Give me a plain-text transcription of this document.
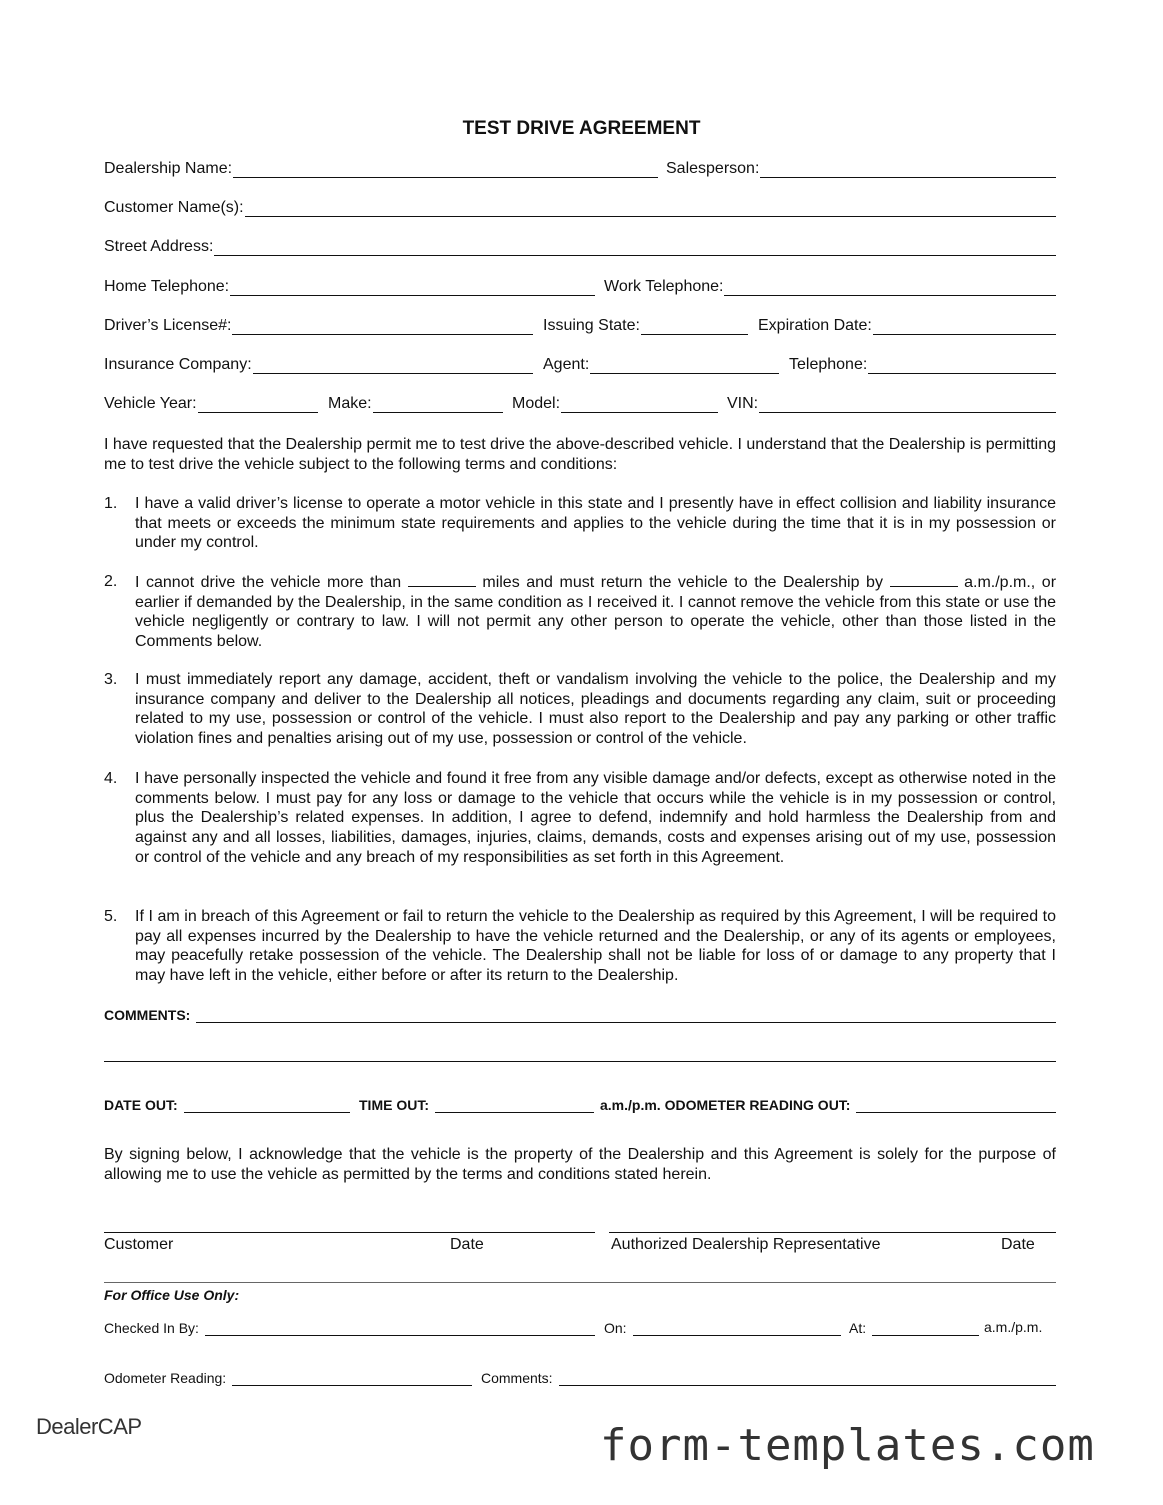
TEST DRIVE AGREEMENT
Dealership Name:	Salesperson:
Customer Name(s):
Street Address:
Home Telephone:	Work Telephone:
Driver’s License#:	Issuing State:	Expiration Date:
Insurance Company:	Agent:	Telephone:
Vehicle Year:	Make:	Model:	VIN:
I have requested that the Dealership permit me to test drive the above-described vehicle. I understand that the Dealership is permitting me to test drive the vehicle subject to the following terms and conditions:
1. I have a valid driver’s license to operate a motor vehicle in this state and I presently have in effect collision and liability insurance that meets or exceeds the minimum state requirements and applies to the vehicle during the time that it is in my possession or under my control.
2. I cannot drive the vehicle more than	miles and must return the vehicle to the Dealership by	a.m./p.m., or earlier if demanded by the Dealership, in the same condition as I received it. I cannot remove the vehicle from this state or use the vehicle negligently or contrary to law. I will not permit any other person to operate the vehicle, other than those listed in the Comments below.
3. I must immediately report any damage, accident, theft or vandalism involving the vehicle to the police, the Dealership and my insurance company and deliver to the Dealership all notices, pleadings and documents regarding any claim, suit or proceeding related to my use, possession or control of the vehicle. I must also report to the Dealership and pay any parking or other traffic violation fines and penalties arising out of my use, possession or control of the vehicle.
4. I have personally inspected the vehicle and found it free from any visible damage and/or defects, except as otherwise noted in the comments below. I must pay for any loss or damage to the vehicle that occurs while the vehicle is in my possession or control, plus the Dealership’s related expenses. In addition, I agree to defend, indemnify and hold harmless the Dealership from and against any and all losses, liabilities, damages, injuries, claims, demands, costs and expenses arising out of my use, possession or control of the vehicle and any breach of my responsibilities as set forth in this Agreement.
5. If I am in breach of this Agreement or fail to return the vehicle to the Dealership as required by this Agreement, I will be required to pay all expenses incurred by the Dealership to have the vehicle returned and the Dealership, or any of its agents or employees, may peacefully retake possession of the vehicle. The Dealership shall not be liable for loss of or damage to any property that I may have left in the vehicle, either before or after its return to the Dealership.
COMMENTS:
DATE OUT:	TIME OUT:	a.m./p.m. ODOMETER READING OUT:
By signing below, I acknowledge that the vehicle is the property of the Dealership and this Agreement is solely for the purpose of allowing me to use the vehicle as permitted by the terms and conditions stated herein.
Customer	Date	Authorized Dealership Representative	Date
For Office Use Only:
Checked In By:	On:	At:	a.m./p.m.
Odometer Reading:	Comments:
DealerCAP	form-templates.com
